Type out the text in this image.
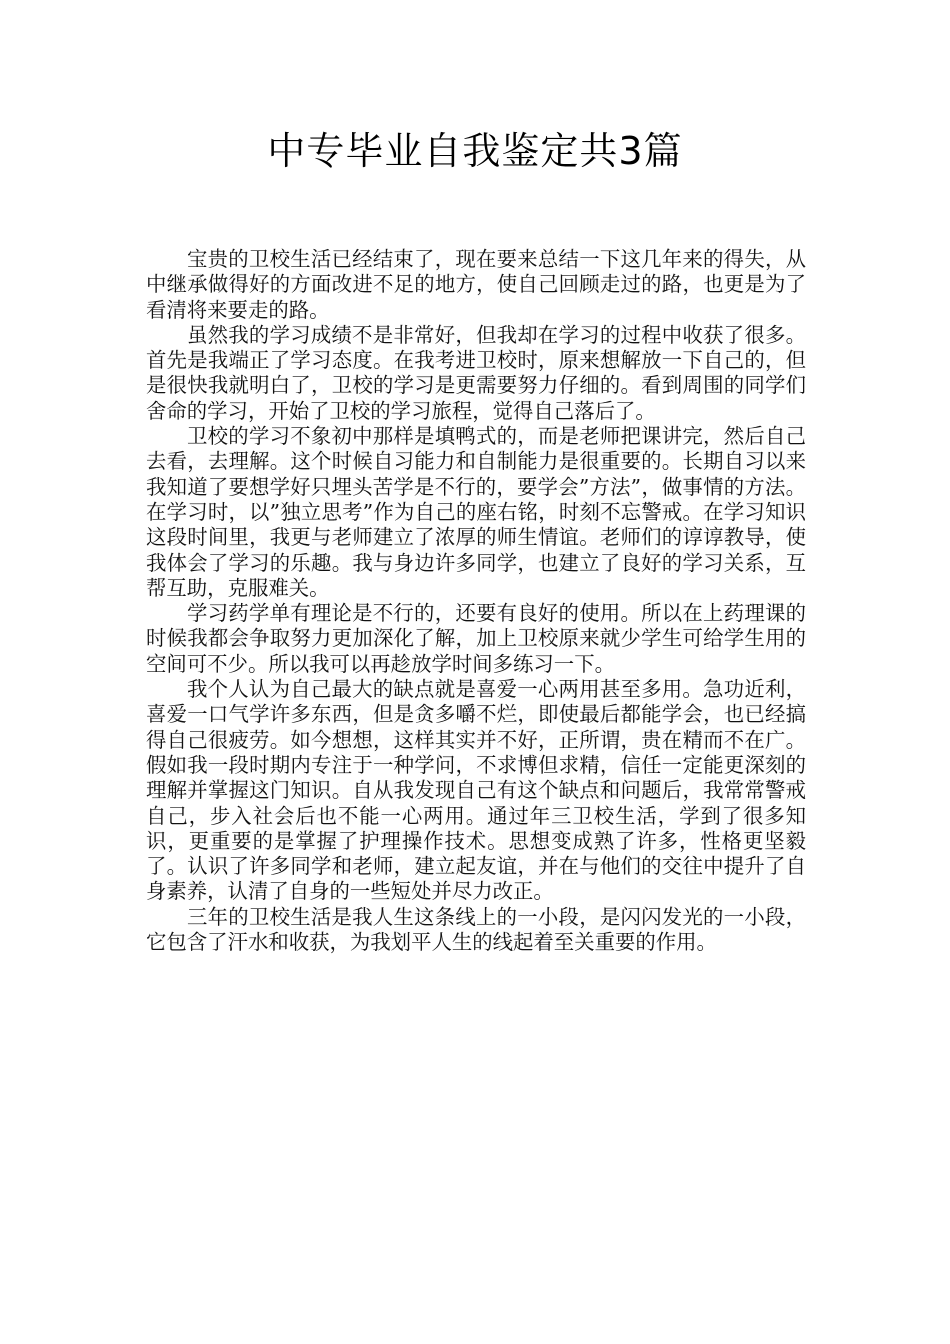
中专毕业自我鉴定共3篇

宝贵的卫校生活已经结束了，现在要来总结一下这几年来的得失，从中继承做得好的方面改进不足的地方，使自己回顾走过的路，也更是为了看清将来要走的路。

虽然我的学习成绩不是非常好，但我却在学习的过程中收获了很多。首先是我端正了学习态度。在我考进卫校时，原来想解放一下自己的，但是很快我就明白了，卫校的学习是更需要努力仔细的。看到周围的同学们舍命的学习，开始了卫校的学习旅程，觉得自己落后了。

卫校的学习不象初中那样是填鸭式的，而是老师把课讲完，然后自己去看，去理解。这个时候自习能力和自制能力是很重要的。长期自习以来我知道了要想学好只埋头苦学是不行的，要学会”方法”，做事情的方法。在学习时，以”独立思考”作为自己的座右铭，时刻不忘警戒。在学习知识这段时间里，我更与老师建立了浓厚的师生情谊。老师们的谆谆教导，使我体会了学习的乐趣。我与身边许多同学，也建立了良好的学习关系，互帮互助，克服难关。

学习药学单有理论是不行的，还要有良好的使用。所以在上药理课的时候我都会争取努力更加深化了解，加上卫校原来就少学生可给学生用的空间可不少。所以我可以再趁放学时间多练习一下。

我个人认为自己最大的缺点就是喜爱一心两用甚至多用。急功近利，喜爱一口气学许多东西，但是贪多嚼不烂，即使最后都能学会，也已经搞得自己很疲劳。如今想想，这样其实并不好，正所谓，贵在精而不在广。假如我一段时期内专注于一种学问，不求博但求精，信任一定能更深刻的理解并掌握这门知识。自从我发现自己有这个缺点和问题后，我常常警戒自己，步入社会后也不能一心两用。通过年三卫校生活，学到了很多知识，更重要的是掌握了护理操作技术。思想变成熟了许多，性格更坚毅了。认识了许多同学和老师，建立起友谊，并在与他们的交往中提升了自身素养，认清了自身的一些短处并尽力改正。

三年的卫校生活是我人生这条线上的一小段，是闪闪发光的一小段，它包含了汗水和收获，为我划平人生的线起着至关重要的作用。
